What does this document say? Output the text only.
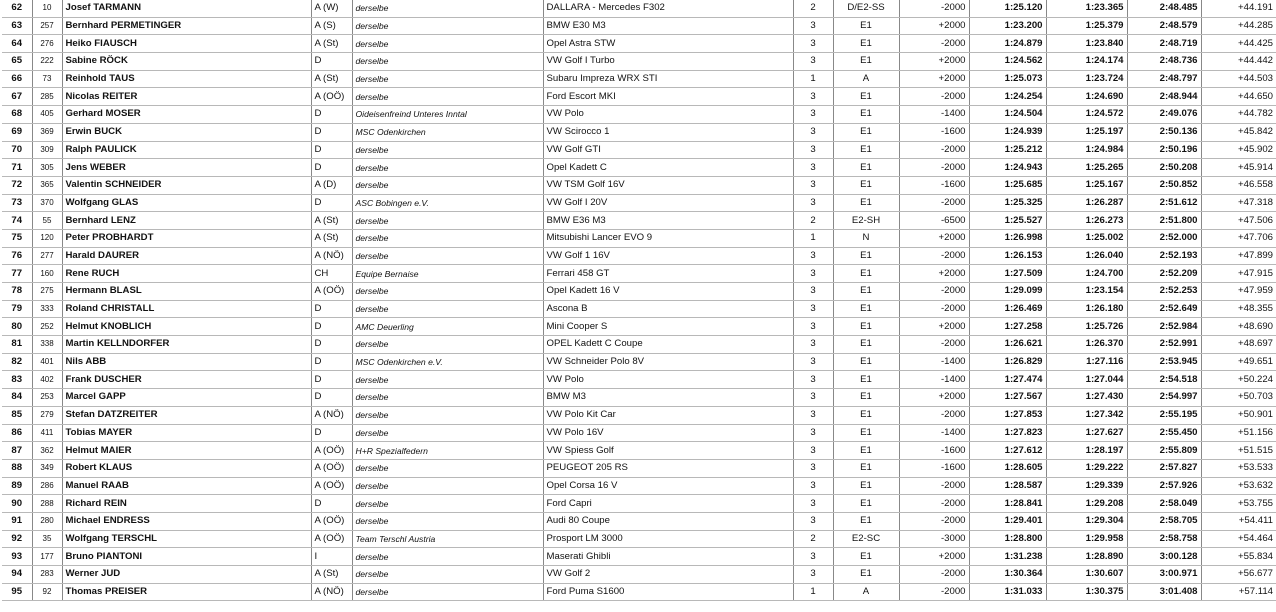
62	10	Josef TARMANN	A (W)	derselbe	DALLARA - Mercedes F302	2	D/E2-SS	-2000	1:25.120	1:23.365	2:48.485	+44.191
63	257	Bernhard PERMETINGER	A (S)	derselbe	BMW E30 M3	3	E1	+2000	1:23.200	1:25.379	2:48.579	+44.285
64	276	Heiko FIAUSCH	A (St)	derselbe	Opel Astra STW	3	E1	-2000	1:24.879	1:23.840	2:48.719	+44.425
65	222	Sabine RÖCK	D	derselbe	VW Golf I Turbo	3	E1	+2000	1:24.562	1:24.174	2:48.736	+44.442
66	73	Reinhold TAUS	A (St)	derselbe	Subaru Impreza WRX STI	1	A	+2000	1:25.073	1:23.724	2:48.797	+44.503
67	285	Nicolas REITER	A (OÖ)	derselbe	Ford Escort MKI	3	E1	-2000	1:24.254	1:24.690	2:48.944	+44.650
68	405	Gerhard MOSER	D	Oideisenfreind Unteres Inntal	VW Polo	3	E1	-1400	1:24.504	1:24.572	2:49.076	+44.782
69	369	Erwin BUCK	D	MSC Odenkirchen	VW Scirocco 1	3	E1	-1600	1:24.939	1:25.197	2:50.136	+45.842
70	309	Ralph PAULICK	D	derselbe	VW Golf GTI	3	E1	-2000	1:25.212	1:24.984	2:50.196	+45.902
71	305	Jens WEBER	D	derselbe	Opel Kadett C	3	E1	-2000	1:24.943	1:25.265	2:50.208	+45.914
72	365	Valentin SCHNEIDER	A (D)	derselbe	VW TSM Golf 16V	3	E1	-1600	1:25.685	1:25.167	2:50.852	+46.558
73	370	Wolfgang GLAS	D	ASC Bobingen e.V.	VW Golf I 20V	3	E1	-2000	1:25.325	1:26.287	2:51.612	+47.318
74	55	Bernhard LENZ	A (St)	derselbe	BMW E36 M3	2	E2-SH	-6500	1:25.527	1:26.273	2:51.800	+47.506
75	120	Peter PROBHARDT	A (St)	derselbe	Mitsubishi Lancer EVO 9	1	N	+2000	1:26.998	1:25.002	2:52.000	+47.706
76	277	Harald DAURER	A (NÖ)	derselbe	VW Golf 1 16V	3	E1	-2000	1:26.153	1:26.040	2:52.193	+47.899
77	160	Rene RUCH	CH	Equipe Bernaise	Ferrari 458 GT	3	E1	+2000	1:27.509	1:24.700	2:52.209	+47.915
78	275	Hermann BLASL	A (OÖ)	derselbe	Opel Kadett 16 V	3	E1	-2000	1:29.099	1:23.154	2:52.253	+47.959
79	333	Roland CHRISTALL	D	derselbe	Ascona B	3	E1	-2000	1:26.469	1:26.180	2:52.649	+48.355
80	252	Helmut KNOBLICH	D	AMC Deuerling	Mini Cooper S	3	E1	+2000	1:27.258	1:25.726	2:52.984	+48.690
81	338	Martin KELLNDORFER	D	derselbe	OPEL Kadett C Coupe	3	E1	-2000	1:26.621	1:26.370	2:52.991	+48.697
82	401	Nils ABB	D	MSC Odenkirchen e.V.	VW Schneider Polo 8V	3	E1	-1400	1:26.829	1:27.116	2:53.945	+49.651
83	402	Frank DUSCHER	D	derselbe	VW Polo	3	E1	-1400	1:27.474	1:27.044	2:54.518	+50.224
84	253	Marcel GAPP	D	derselbe	BMW M3	3	E1	+2000	1:27.567	1:27.430	2:54.997	+50.703
85	279	Stefan DATZREITER	A (NÖ)	derselbe	VW Polo Kit Car	3	E1	-2000	1:27.853	1:27.342	2:55.195	+50.901
86	411	Tobias MAYER	D	derselbe	VW Polo 16V	3	E1	-1400	1:27.823	1:27.627	2:55.450	+51.156
87	362	Helmut MAIER	A (OÖ)	H+R Spezialfedern	VW Spiess Golf	3	E1	-1600	1:27.612	1:28.197	2:55.809	+51.515
88	349	Robert KLAUS	A (OÖ)	derselbe	PEUGEOT 205 RS	3	E1	-1600	1:28.605	1:29.222	2:57.827	+53.533
89	286	Manuel RAAB	A (OÖ)	derselbe	Opel Corsa 16 V	3	E1	-2000	1:28.587	1:29.339	2:57.926	+53.632
90	288	Richard REIN	D	derselbe	Ford Capri	3	E1	-2000	1:28.841	1:29.208	2:58.049	+53.755
91	280	Michael ENDRESS	A (OÖ)	derselbe	Audi 80 Coupe	3	E1	-2000	1:29.401	1:29.304	2:58.705	+54.411
92	35	Wolfgang TERSCHL	A (OÖ)	Team Terschl Austria	Prosport LM 3000	2	E2-SC	-3000	1:28.800	1:29.958	2:58.758	+54.464
93	177	Bruno PIANTONI	I	derselbe	Maserati Ghibli	3	E1	+2000	1:31.238	1:28.890	3:00.128	+55.834
94	283	Werner JUD	A (St)	derselbe	VW Golf 2	3	E1	-2000	1:30.364	1:30.607	3:00.971	+56.677
95	92	Thomas PREISER	A (NÖ)	derselbe	Ford Puma S1600	1	A	-2000	1:31.033	1:30.375	3:01.408	+57.114
